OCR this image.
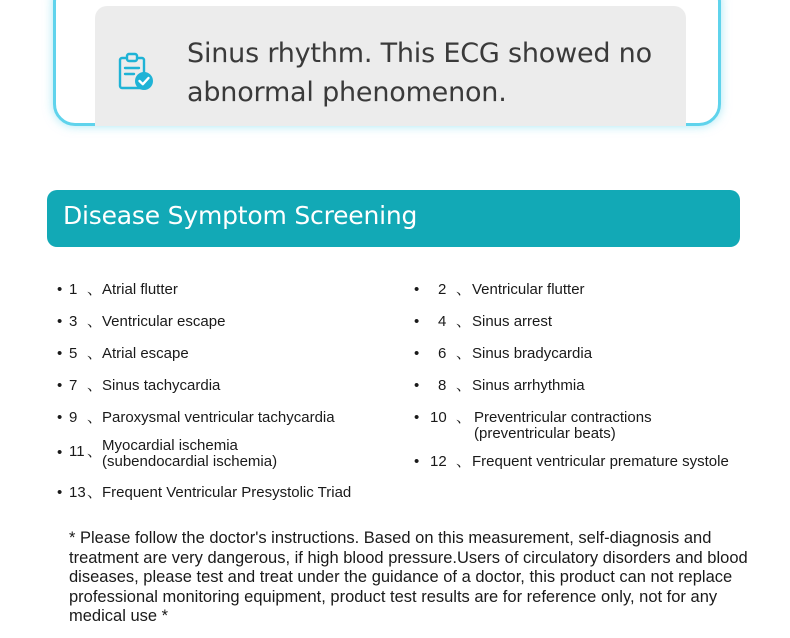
Sinus rhythm. This ECG showed no abnormal phenomenon.
Disease Symptom Screening
• 1 、 Atrial flutter
• 3 、 Ventricular escape
• 5 、 Atrial escape
• 7 、 Sinus tachycardia
• 9 、 Paroxysmal ventricular tachycardia
• 11 、 Myocardial ischemia
(subendocardial ischemia)
• 13 、 Frequent Ventricular Presystolic Triad
• 2 、 Ventricular flutter
• 4 、 Sinus arrest
• 6 、 Sinus bradycardia
• 8 、 Sinus arrhythmia
• 10 、 Preventricular contractions
(preventricular beats)
• 12 、 Frequent ventricular premature systole
* Please follow the doctor's instructions. Based on this measurement, self-diagnosis and treatment are very dangerous, if high blood pressure.Users of circulatory disorders and blood diseases, please test and treat under the guidance of a doctor, this product can not replace professional monitoring equipment, product test results are for reference only, not for any medical use *
